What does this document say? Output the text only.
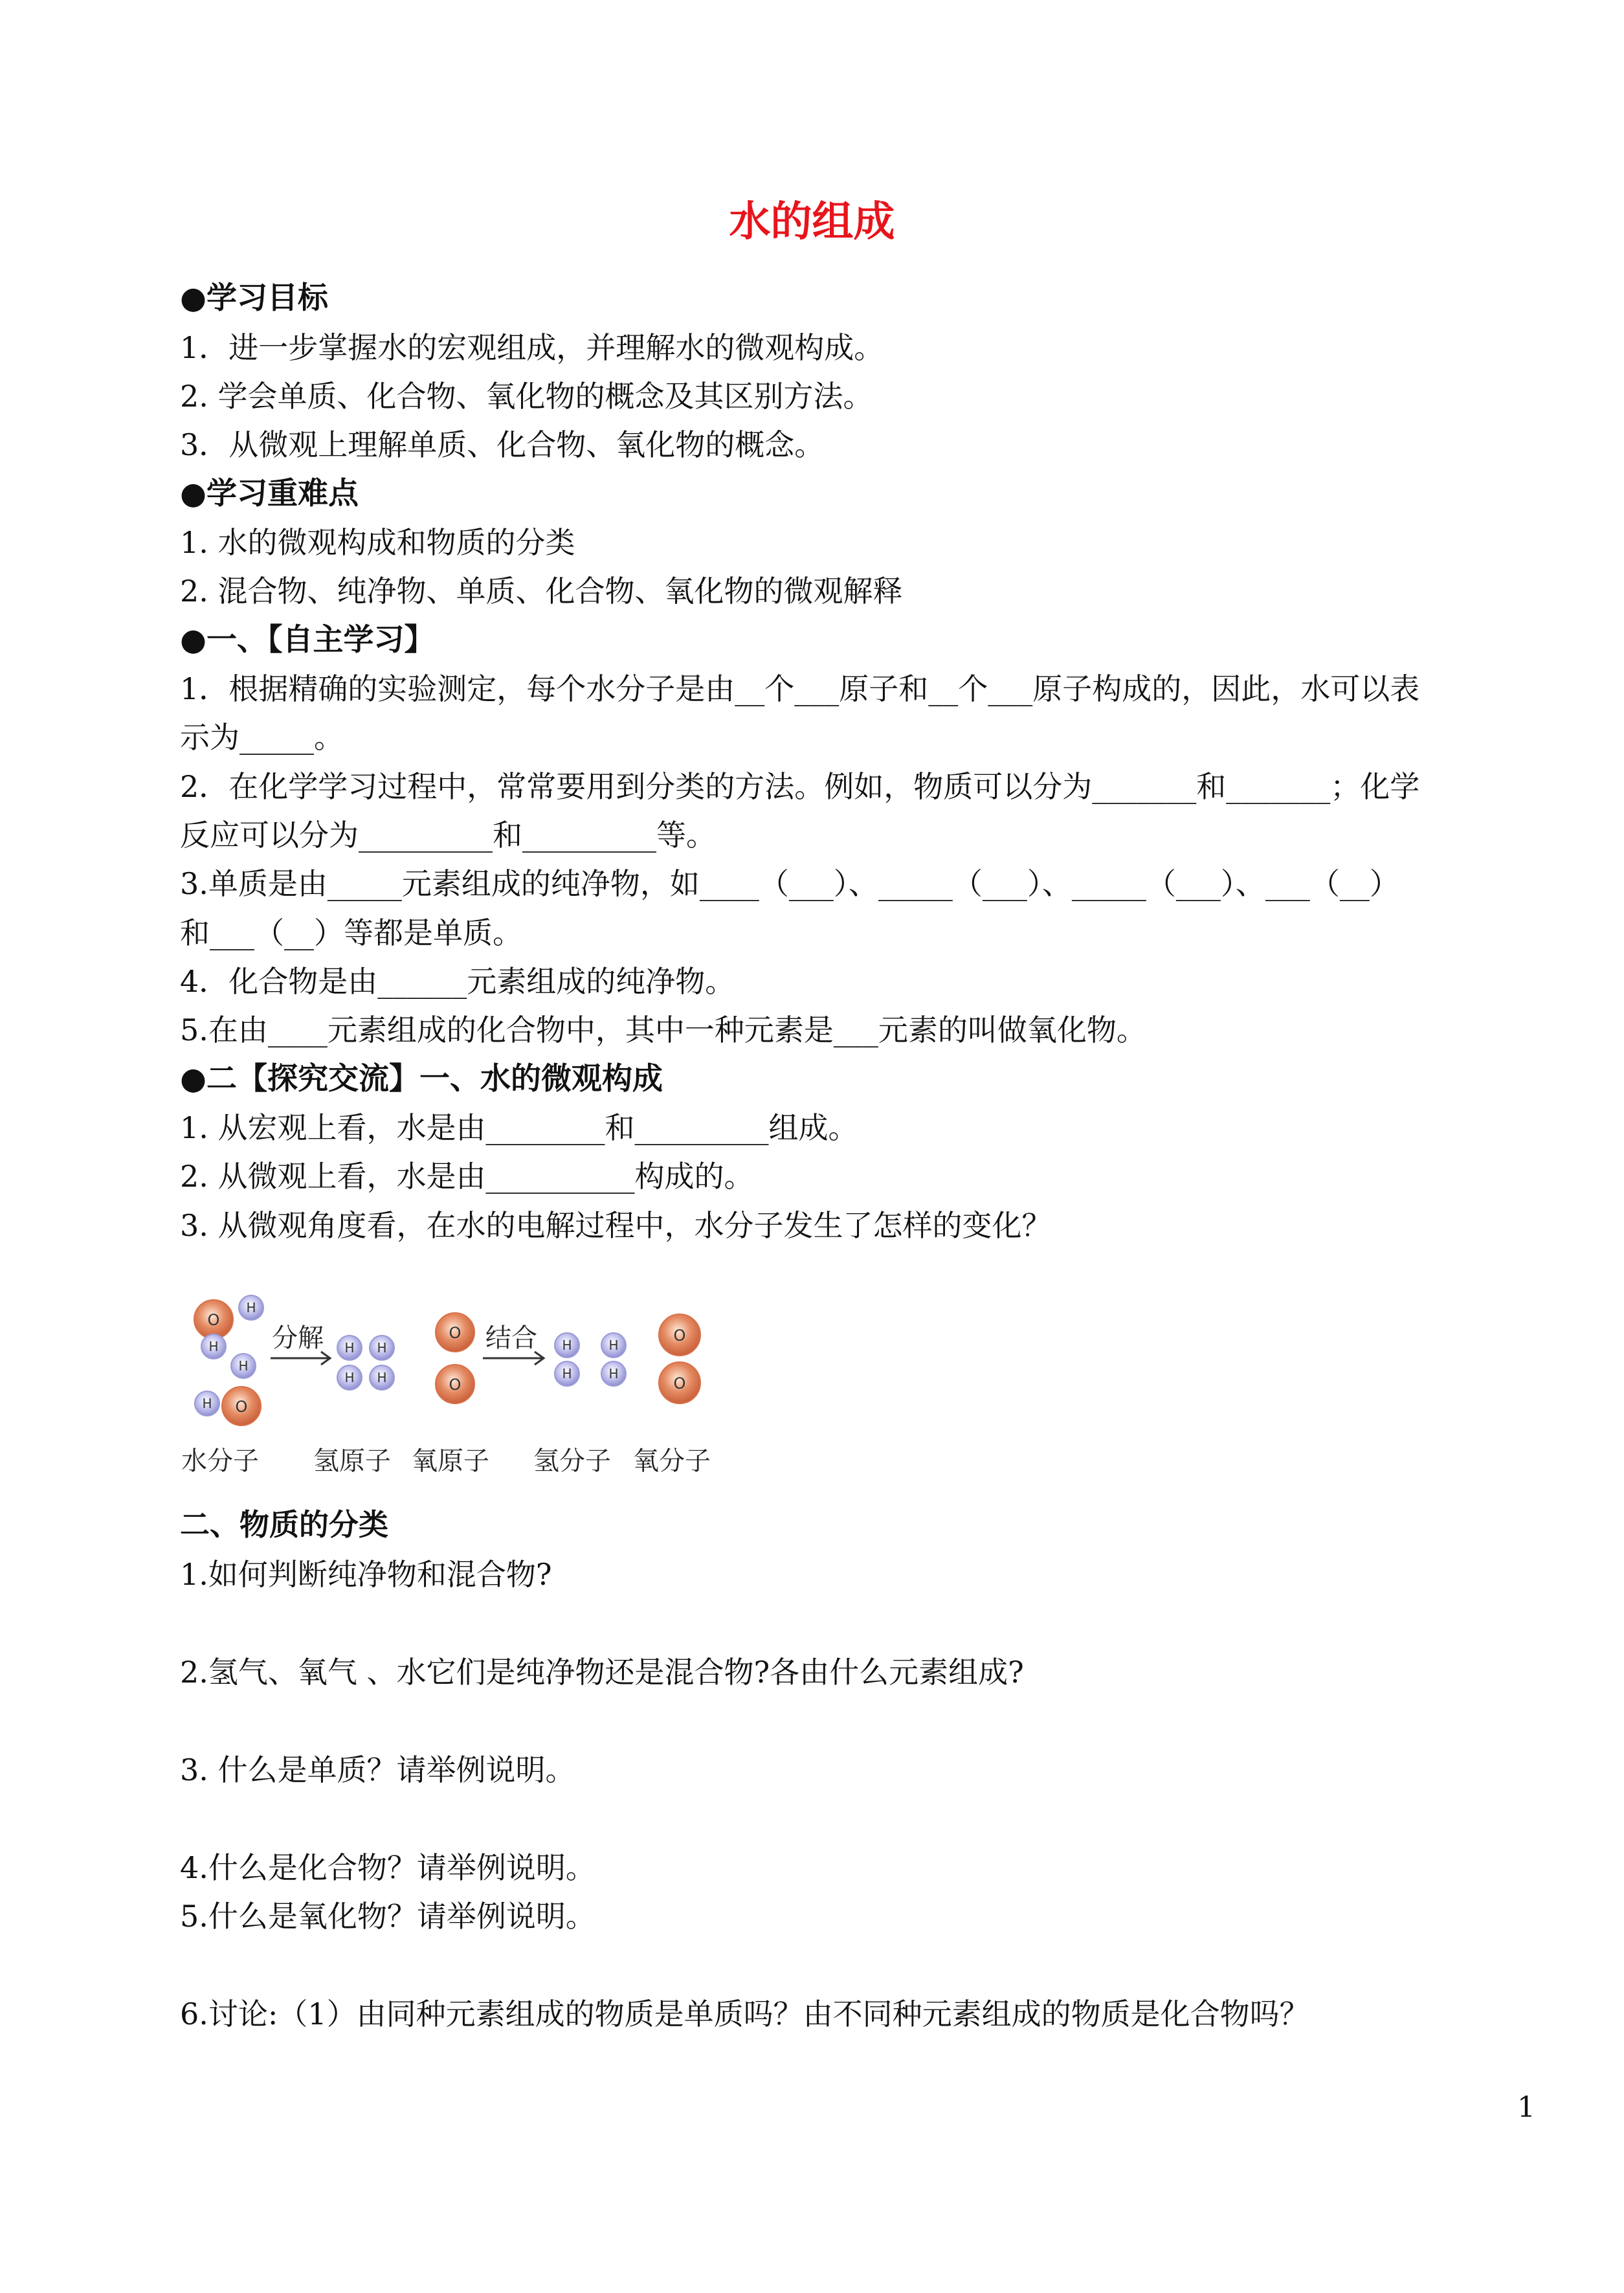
水的组成
●学习目标
1．进一步掌握水的宏观组成，并理解水的微观构成。
2. 学会单质、化合物、氧化物的概念及其区别方法。
3．从微观上理解单质、化合物、氧化物的概念。
●学习重难点
1. 水的微观构成和物质的分类
2. 混合物、纯净物、单质、化合物、氧化物的微观解释
●一、【自主学习】
1．根据精确的实验测定，每个水分子是由__个___原子和__个___原子构成的，因此，水可以表
示为_____。
2．在化学学习过程中，常常要用到分类的方法。例如，物质可以分为_______和_______；化学
反应可以分为_________和_________等。
3.单质是由_____元素组成的纯净物，如____（___）、_____（___）、_____（___）、___（__）
和___（__）等都是单质。
4．化合物是由______元素组成的纯净物。
5.在由____元素组成的化合物中，其中一种元素是___元素的叫做氧化物。
●二【探究交流】一、水的微观构成
1. 从宏观上看，水是由________和_________组成。
2. 从微观上看，水是由__________构成的。
3. 从微观角度看，在水的电解过程中，水分子发生了怎样的变化？
O
H
H
H
H O
H H
H H
O
O
H
H
H
H
O
O
分解	结合
水分子 氢原子 氧原子 氢分子 氧分子
二、物质的分类
1.如何判断纯净物和混合物?
2.氢气、氧气 、水它们是纯净物还是混合物?各由什么元素组成?
3. 什么是单质？请举例说明。
4.什么是化合物？请举例说明。
5.什么是氧化物？请举例说明。
6.讨论:（1）由同种元素组成的物质是单质吗？由不同种元素组成的物质是化合物吗？
1
